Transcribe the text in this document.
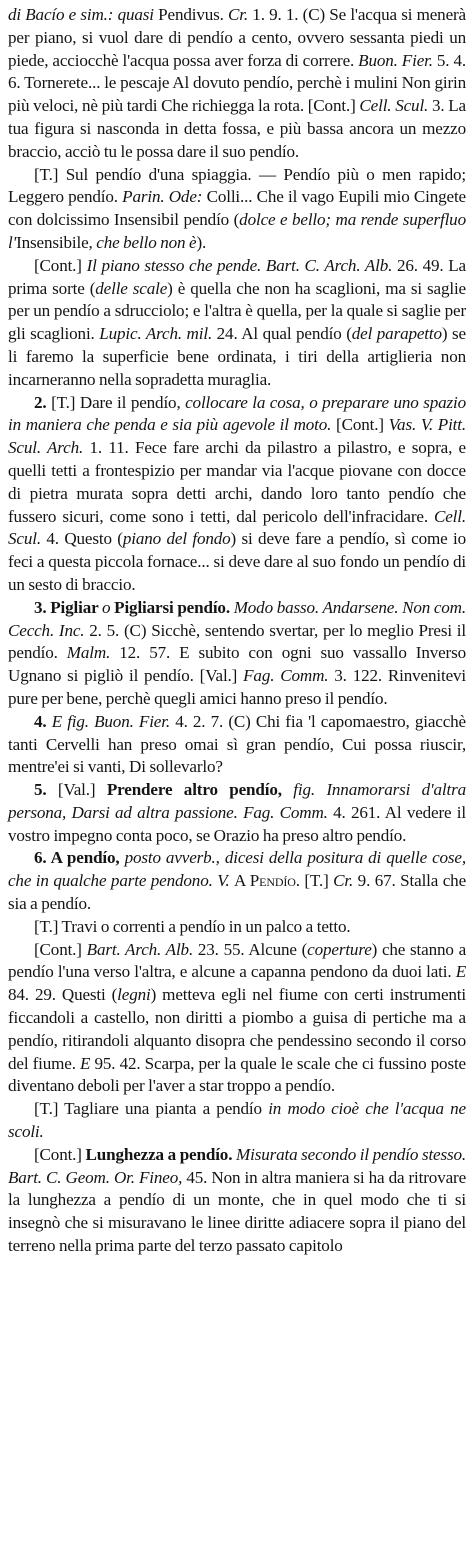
di Bacío e sim.: quasi Pendivus. Cr. 1. 9. 1. (C) Se l'acqua si menerà per piano, si vuol dare di pendío a cento, ovvero sessanta piedi un piede, acciocchè l'acqua possa aver forza di correre. Buon. Fier. 5. 4. 6. Tornerete... le pescaje Al dovuto pendío, perchè i mulini Non girin più veloci, nè più tardi Che richiegga la rota. [Cont.] Cell. Scul. 3. La tua figura si nasconda in detta fossa, e più bassa ancora un mezzo braccio, acciò tu le possa dare il suo pendío.

[T.] Sul pendío d'una spiaggia. — Pendío più o men rapido; Leggero pendío. Parin. Ode: Colli... Che il vago Eupili mio Cingete con dolcissimo Insensibil pendío (dolce e bello; ma rende superfluo l'Insensibile, che bello non è).

[Cont.] Il piano stesso che pende. Bart. C. Arch. Alb. 26. 49. La prima sorte (delle scale) è quella che non ha scaglioni, ma si saglie per un pendío a sdrucciolo; e l'altra è quella, per la quale si saglie per gli scaglioni. Lupic. Arch. mil. 24. Al qual pendío (del parapetto) se li faremo la superficie bene ordinata, i tiri della artiglieria non incarneranno nella sopradetta muraglia.

2. [T.] Dare il pendío, collocare la cosa, o preparare uno spazio in maniera che penda e sia più agevole il moto. [Cont.] Vas. V. Pitt. Scul. Arch. 1. 11. Fece fare archi da pilastro a pilastro, e sopra, e quelli tetti a frontespizio per mandar via l'acque piovane con docce di pietra murata sopra detti archi, dando loro tanto pendío che fussero sicuri, come sono i tetti, dal pericolo dell'infracidare. Cell. Scul. 4. Questo (piano del fondo) si deve fare a pendío, sì come io feci a questa piccola fornace... si deve dare al suo fondo un pendío di un sesto di braccio.

3. Pigliar o Pigliarsi pendío. Modo basso. Andarsene. Non com. Cecch. Inc. 2. 5. (C) Sicchè, sentendo svertar, per lo meglio Presi il pendío. Malm. 12. 57. E subito con ogni suo vassallo Inverso Ugnano si pigliò il pendío. [Val.] Fag. Comm. 3. 122. Rinvenitevi pure per bene, perchè quegli amici hanno preso il pendío.

4. E fig. Buon. Fier. 4. 2. 7. (C) Chi fia 'l capomaestro, giacchè tanti Cervelli han preso omai sì gran pendío, Cui possa riuscir, mentre'ei si vanti, Di sollevarlo?

5. [Val.] Prendere altro pendío, fig. Innamorarsi d'altra persona, Darsi ad altra passione. Fag. Comm. 4. 261. Al vedere il vostro impegno conta poco, se Orazio ha preso altro pendío.

6. A pendío, posto avverb., dicesi della positura di quelle cose, che in qualche parte pendono. V. A Pendío. [T.] Cr. 9. 67. Stalla che sia a pendío.

[T.] Travi o correnti a pendío in un palco a tetto.

[Cont.] Bart. Arch. Alb. 23. 55. Alcune (coperture) che stanno a pendío l'una verso l'altra, e alcune a capanna pendono da duoi lati. E 84. 29. Questi (legni) metteva egli nel fiume con certi instrumenti ficcandoli a castello, non diritti a piombo a guisa di pertiche ma a pendío, ritirandoli alquanto disopra che pendessino secondo il corso del fiume. E 95. 42. Scarpa, per la quale le scale che ci fussino poste diventano deboli per l'aver a star troppo a pendío.

[T.] Tagliare una pianta a pendío in modo cioè che l'acqua ne scoli.

[Cont.] Lunghezza a pendío. Misurata secondo il pendío stesso. Bart. C. Geom. Or. Fineo, 45. Non in altra maniera si ha da ritrovare la lunghezza a pendío di un monte, che in quel modo che ti si insegnò che si misuravano le linee diritte adiacere sopra il piano del terreno nella prima parte del terzo passato capitolo
